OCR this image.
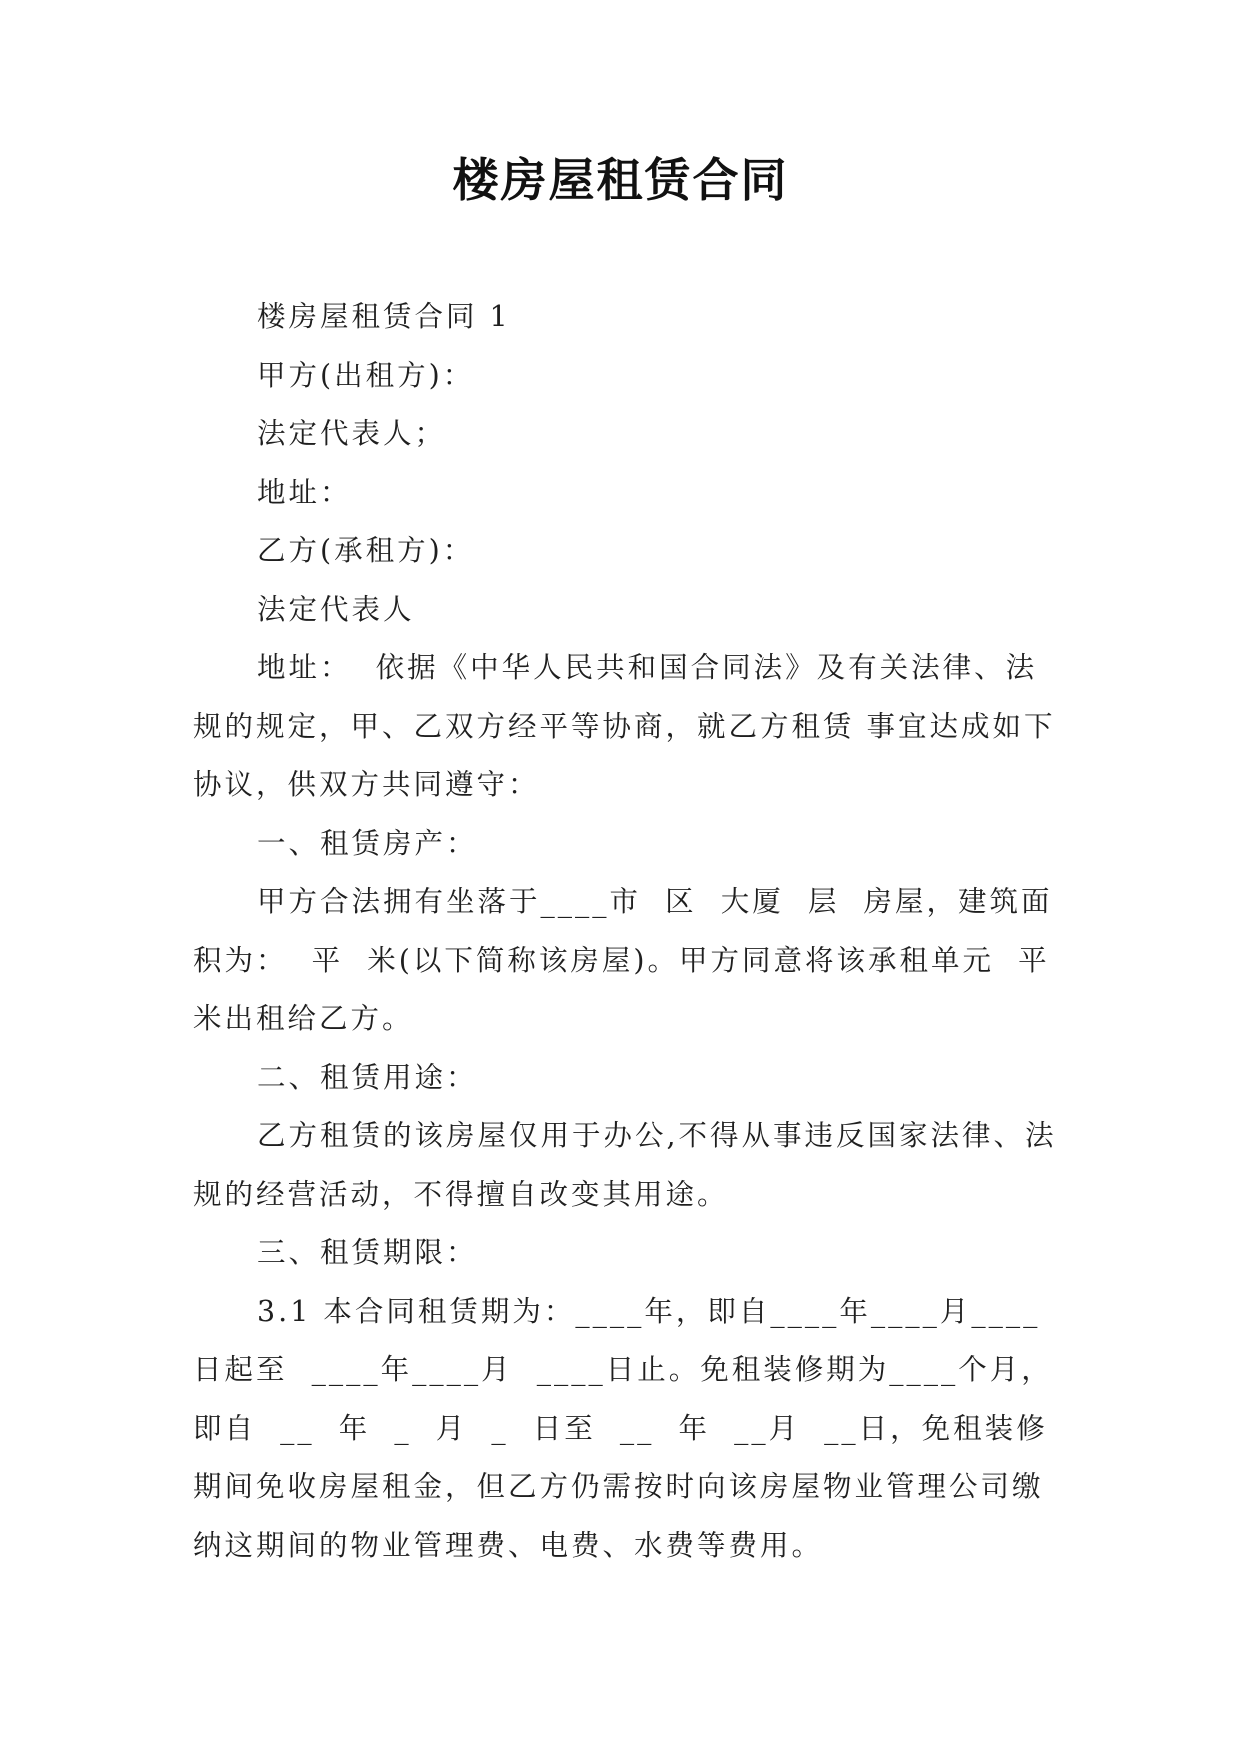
楼房屋租赁合同

楼房屋租赁合同 1

甲方(出租方)：

法定代表人；

地址：

乙方(承租方)：

法定代表人

地址：  依据《中华人民共和国合同法》及有关法律、法规的规定，甲、乙双方经平等协商，就乙方租赁 事宜达成如下协议，供双方共同遵守：

一、租赁房产：

甲方合法拥有坐落于____市  区  大厦  层  房屋，建筑面积为：  平  米(以下简称该房屋)。甲方同意将该承租单元  平米出租给乙方。

二、租赁用途：

乙方租赁的该房屋仅用于办公,不得从事违反国家法律、法规的经营活动，不得擅自改变其用途。

三、租赁期限：

3.1 本合同租赁期为：____年，即自____年____月____日起至  ____年____月  ____日止。免租装修期为____个月，即自  __  年  _  月  _  日至  __  年  __月  __日，免租装修期间免收房屋租金，但乙方仍需按时向该房屋物业管理公司缴纳这期间的物业管理费、电费、水费等费用。
